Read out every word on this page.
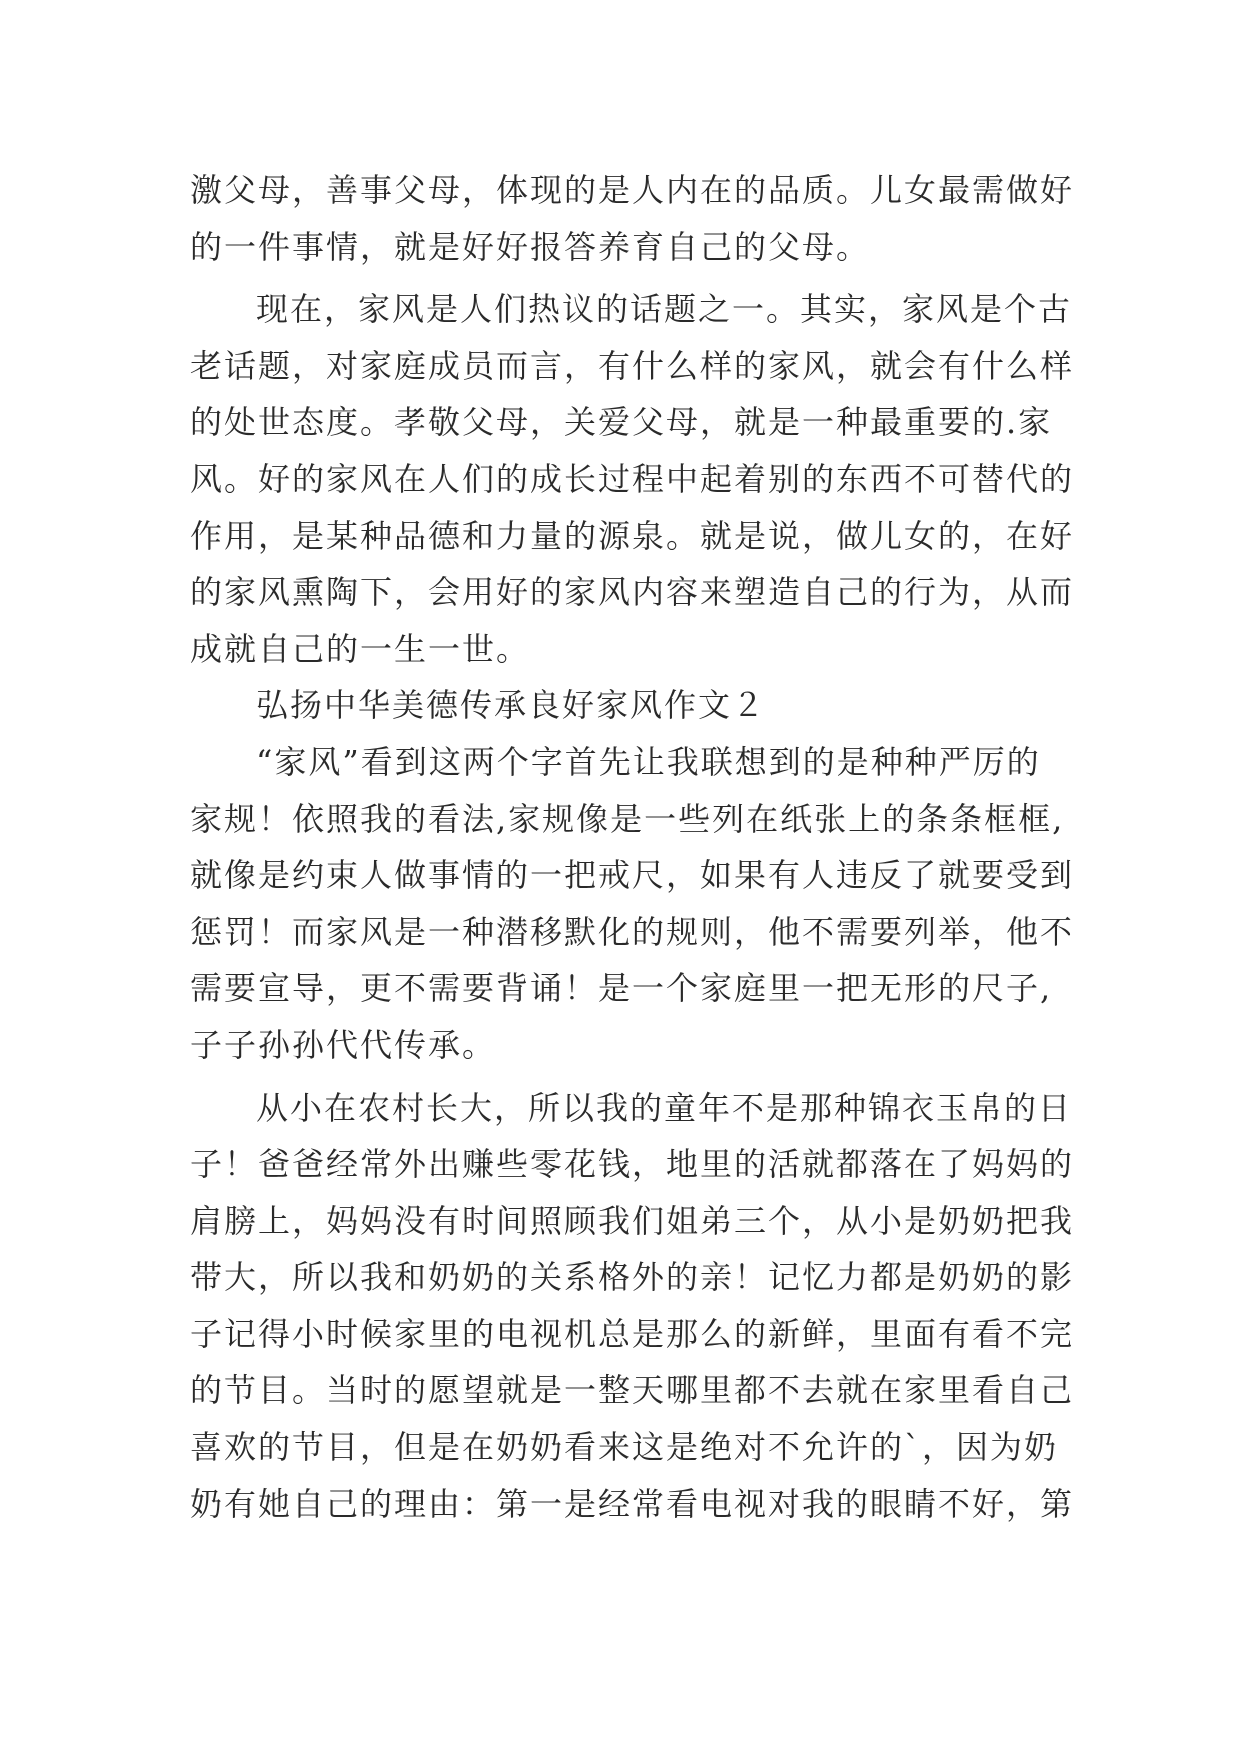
激父母，善事父母，体现的是人内在的品质。儿女最需做好
的一件事情，就是好好报答养育自己的父母。
现在，家风是人们热议的话题之一。其实，家风是个古
老话题，对家庭成员而言，有什么样的家风，就会有什么样
的处世态度。孝敬父母，关爱父母，就是一种最重要的.家
风。好的家风在人们的成长过程中起着别的东西不可替代的
作用，是某种品德和力量的源泉。就是说，做儿女的，在好
的家风熏陶下，会用好的家风内容来塑造自己的行为，从而
成就自己的一生一世。
弘扬中华美德传承良好家风作文２
“家风”看到这两个字首先让我联想到的是种种严厉的
家规！依照我的看法,家规像是一些列在纸张上的条条框框,
就像是约束人做事情的一把戒尺，如果有人违反了就要受到
惩罚！而家风是一种潜移默化的规则，他不需要列举，他不
需要宣导，更不需要背诵！是一个家庭里一把无形的尺子,
子子孙孙代代传承。
从小在农村长大，所以我的童年不是那种锦衣玉帛的日
子！爸爸经常外出赚些零花钱，地里的活就都落在了妈妈的
肩膀上，妈妈没有时间照顾我们姐弟三个，从小是奶奶把我
带大，所以我和奶奶的关系格外的亲！记忆力都是奶奶的影
子记得小时候家里的电视机总是那么的新鲜，里面有看不完
的节目。当时的愿望就是一整天哪里都不去就在家里看自己
喜欢的节目，但是在奶奶看来这是绝对不允许的`，因为奶
奶有她自己的理由：第一是经常看电视对我的眼睛不好，第
